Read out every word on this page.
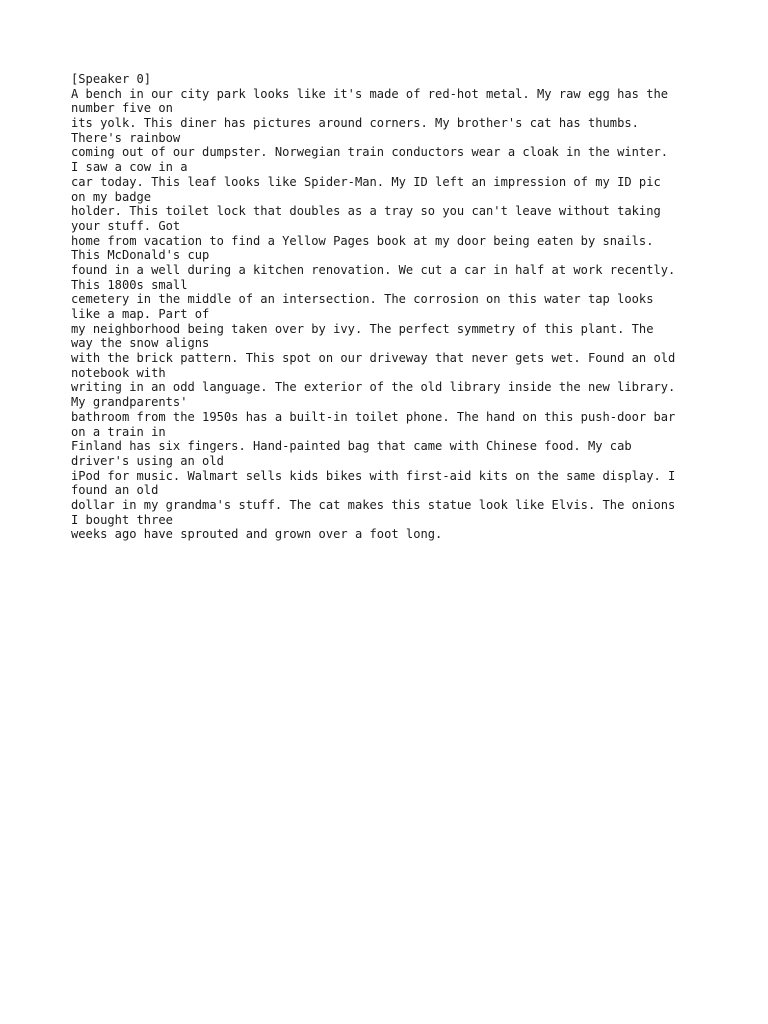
[Speaker 0]
A bench in our city park looks like it's made of red-hot metal. My raw egg has the
number five on
its yolk. This diner has pictures around corners. My brother's cat has thumbs.
There's rainbow
coming out of our dumpster. Norwegian train conductors wear a cloak in the winter.
I saw a cow in a
car today. This leaf looks like Spider-Man. My ID left an impression of my ID pic
on my badge
holder. This toilet lock that doubles as a tray so you can't leave without taking
your stuff. Got
home from vacation to find a Yellow Pages book at my door being eaten by snails.
This McDonald's cup
found in a well during a kitchen renovation. We cut a car in half at work recently.
This 1800s small
cemetery in the middle of an intersection. The corrosion on this water tap looks
like a map. Part of
my neighborhood being taken over by ivy. The perfect symmetry of this plant. The
way the snow aligns
with the brick pattern. This spot on our driveway that never gets wet. Found an old
notebook with
writing in an odd language. The exterior of the old library inside the new library.
My grandparents'
bathroom from the 1950s has a built-in toilet phone. The hand on this push-door bar
on a train in
Finland has six fingers. Hand-painted bag that came with Chinese food. My cab
driver's using an old
iPod for music. Walmart sells kids bikes with first-aid kits on the same display. I
found an old
dollar in my grandma's stuff. The cat makes this statue look like Elvis. The onions
I bought three
weeks ago have sprouted and grown over a foot long.
